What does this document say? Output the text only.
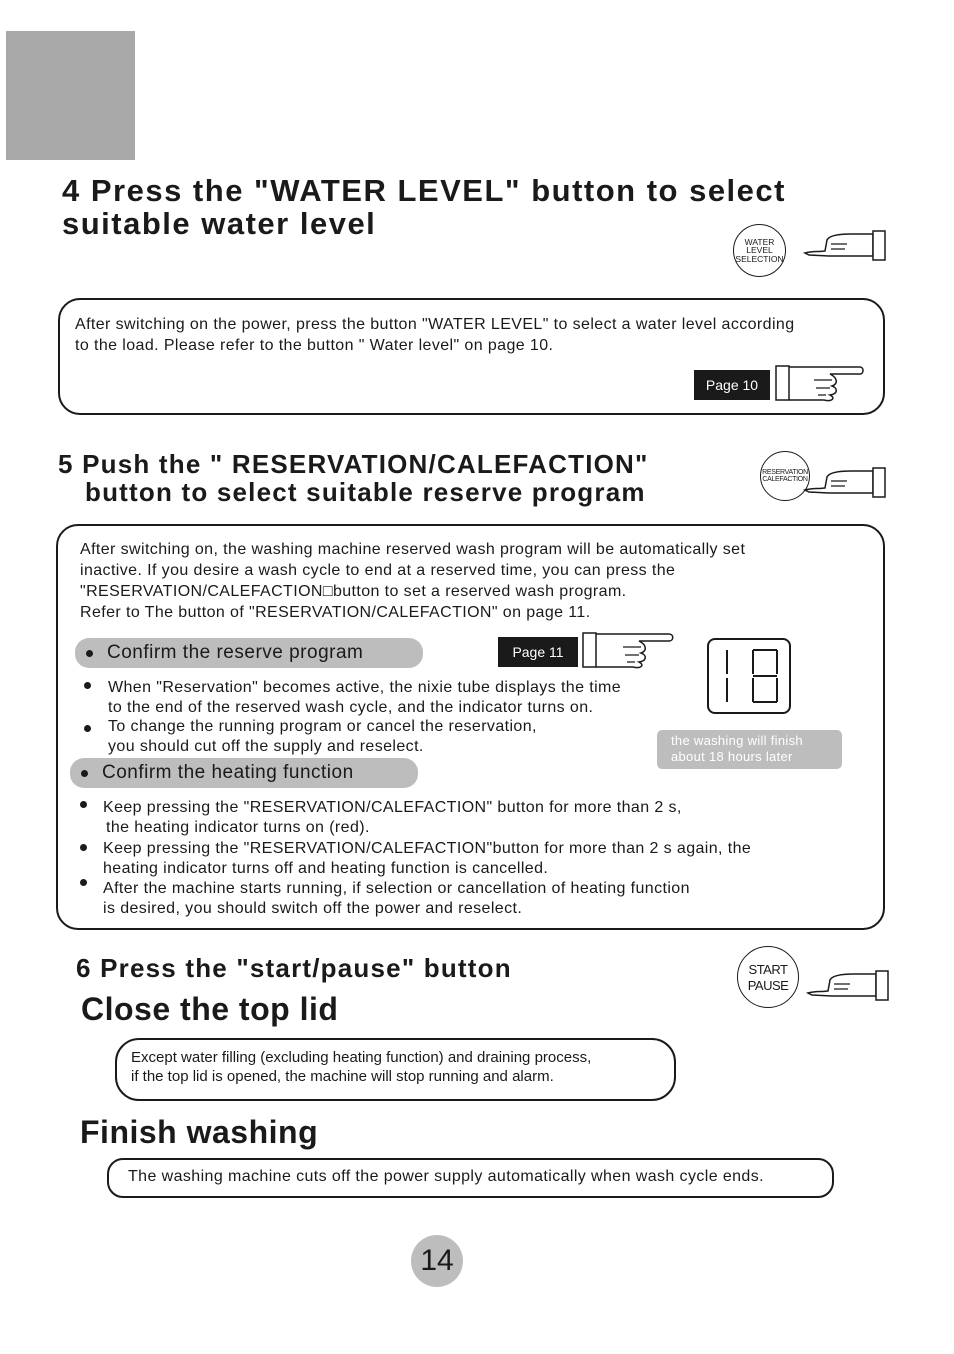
4 Press the "WATER LEVEL" button to select

suitable water level

WATER
LEVEL
SELECTION

After switching on the power, press the button "WATER LEVEL" to select a water level according

to the load. Please refer to the button " Water level" on page 10.

Page 10

5 Push the " RESERVATION/CALEFACTION"

button to select suitable reserve program

RESERVATION
CALEFACTION

After switching on, the washing machine reserved wash program will be automatically set

inactive. If you desire a wash cycle to end at a reserved time, you can press the

"RESERVATION/CALEFACTION□button to set a reserved wash program.

Refer to The button of "RESERVATION/CALEFACTION" on page 11.

Confirm the reserve program	Page 11
the washing will finish
about 18 hours later

When "Reservation" becomes active, the nixie tube displays the time

to the end of the reserved wash cycle, and the indicator turns on.

To change the running program or cancel the reservation,

you should cut off the supply and reselect.

Confirm the heating function

Keep pressing the "RESERVATION/CALEFACTION" button for more than 2 s,

the heating indicator turns on (red).

Keep pressing the "RESERVATION/CALEFACTION"button for more than 2 s again, the

heating indicator turns off and heating function is cancelled.

After the machine starts running, if selection or cancellation of heating function

is desired, you should switch off the power and reselect.

6 Press the "start/pause" button	START
PAUSE

Close the top lid

Except water filling (excluding heating function) and draining process,

if the top lid is opened, the machine will stop running and alarm.

Finish washing

The washing machine cuts off the power supply automatically when wash cycle ends.

14
